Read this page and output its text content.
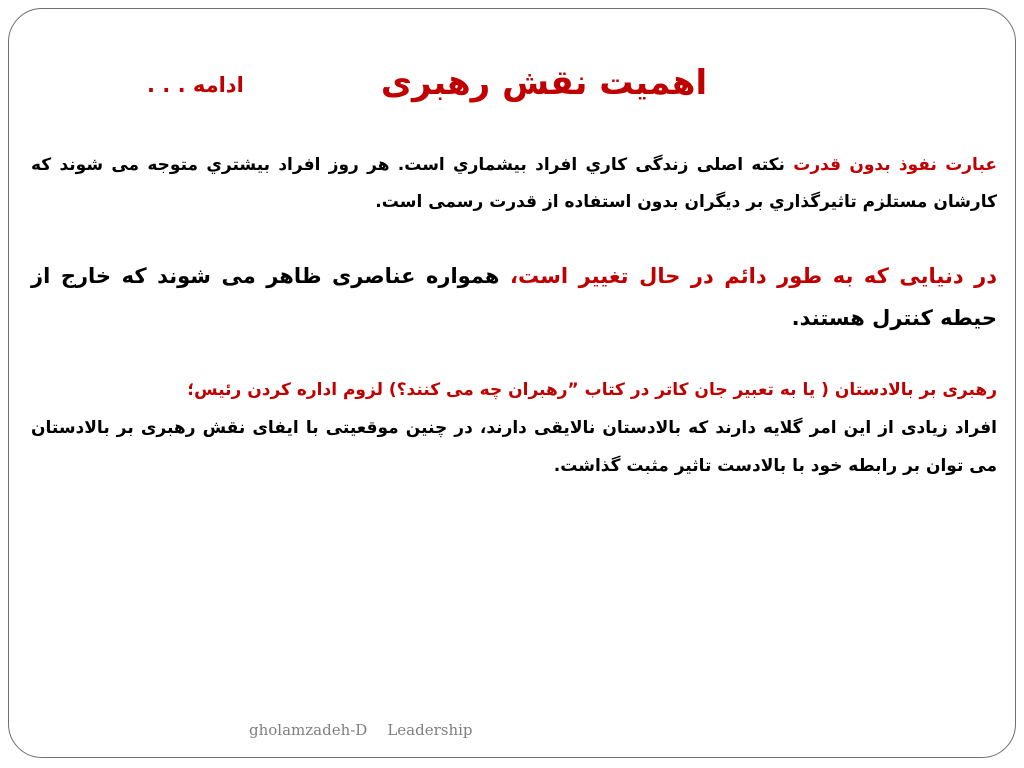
اهمیت نقش رهبری
ادامه . . .
عبارت نفوذ بدون قدرت نکته اصلی زندگی کاري افراد بيشماري است. هر روز افراد بيشتري متوجه می شوند که کارشان مستلزم تاثيرگذاري بر ديگران بدون استفاده از قدرت رسمی است.
در دنیایی که به طور دائم در حال تغییر است، همواره عناصری ظاهر می شوند که خارج از حیطه کنترل هستند.
رهبری بر بالادستان ( یا به تعبیر جان کاتر در کتاب ”رهبران چه می کنند؟) لزوم اداره کردن رئیس؛
افراد زیادی از این امر گلایه دارند که بالادستان نالایقی دارند، در چنین موقعیتی با ایفای نقش رهبری بر بالادستان می توان بر رابطه خود با بالادست تاثیر مثبت گذاشت.
gholamzadeh-D Leadership
